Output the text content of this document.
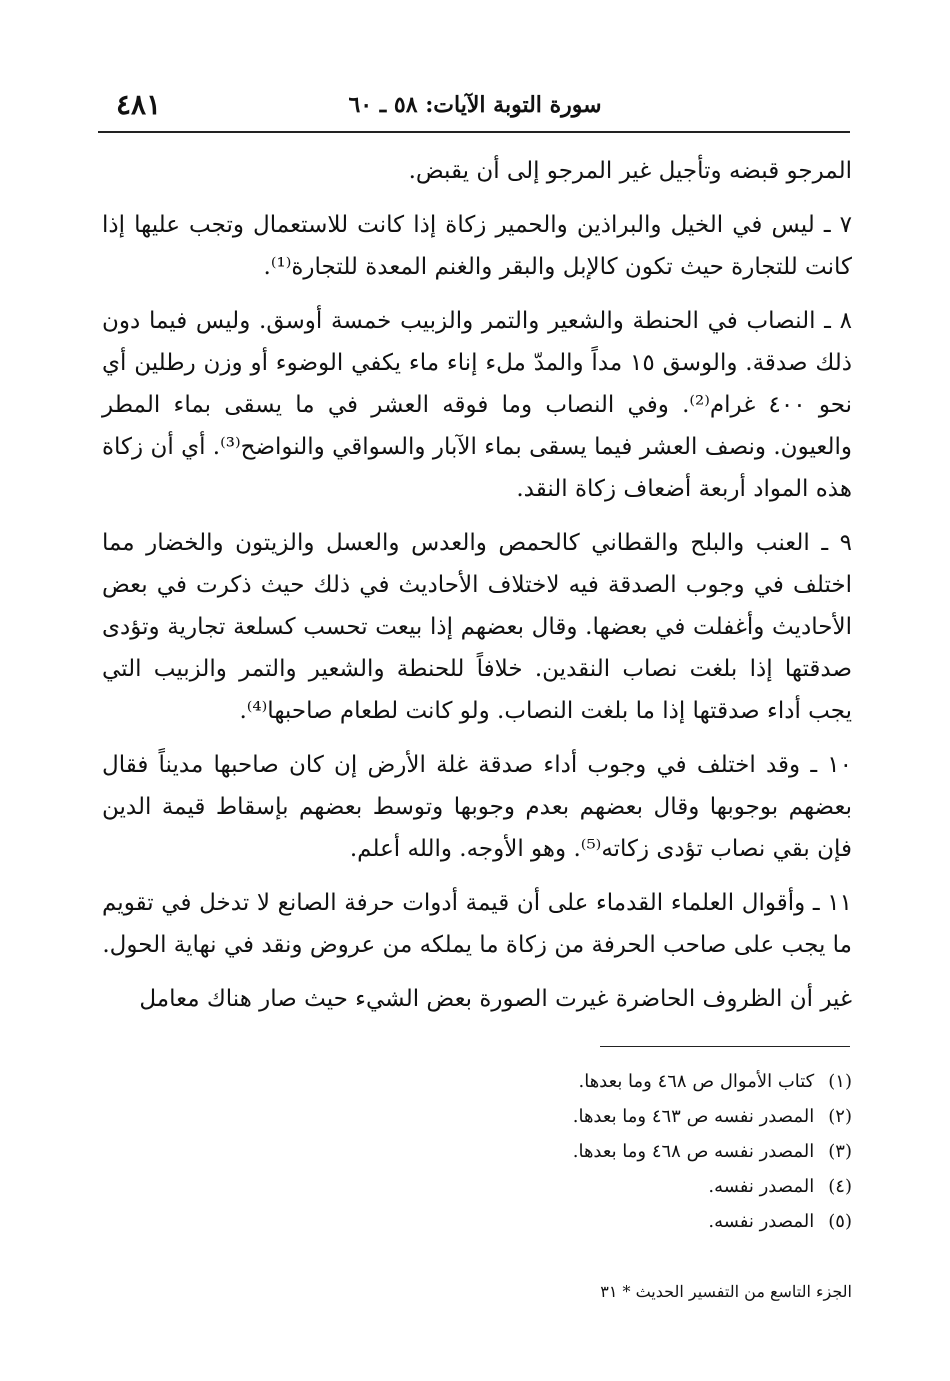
٤٨١	سورة التوبة الآيات: ٥٨ ـ ٦٠

المرجو قبضه وتأجيل غير المرجو إلى أن يقبض.

٧ ـ ليس في الخيل والبراذين والحمير زكاة إذا كانت للاستعمال وتجب عليها إذا كانت للتجارة حيث تكون كالإبل والبقر والغنم المعدة للتجارة⁽¹⁾.

٨ ـ النصاب في الحنطة والشعير والتمر والزبيب خمسة أوسق. وليس فيما دون ذلك صدقة. والوسق ١٥ مداً والمدّ ملء إناء ماء يكفي الوضوء أو وزن رطلين أي نحو ٤٠٠ غرام⁽²⁾. وفي النصاب وما فوقه العشر في ما يسقى بماء المطر والعيون. ونصف العشر فيما يسقى بماء الآبار والسواقي والنواضح⁽³⁾. أي أن زكاة هذه المواد أربعة أضعاف زكاة النقد.

٩ ـ العنب والبلح والقطاني كالحمص والعدس والعسل والزيتون والخضار مما اختلف في وجوب الصدقة فيه لاختلاف الأحاديث في ذلك حيث ذكرت في بعض الأحاديث وأغفلت في بعضها. وقال بعضهم إذا بيعت تحسب كسلعة تجارية وتؤدى صدقتها إذا بلغت نصاب النقدين. خلافاً للحنطة والشعير والتمر والزبيب التي يجب أداء صدقتها إذا ما بلغت النصاب. ولو كانت لطعام صاحبها⁽⁴⁾.

١٠ ـ وقد اختلف في وجوب أداء صدقة غلة الأرض إن كان صاحبها مديناً فقال بعضهم بوجوبها وقال بعضهم بعدم وجوبها وتوسط بعضهم بإسقاط قيمة الدين فإن بقي نصاب تؤدى زكاته⁽⁵⁾. وهو الأوجه. والله أعلم.

١١ ـ وأقوال العلماء القدماء على أن قيمة أدوات حرفة الصانع لا تدخل في تقويم ما يجب على صاحب الحرفة من زكاة ما يملكه من عروض ونقد في نهاية الحول.

غير أن الظروف الحاضرة غيرت الصورة بعض الشيء حيث صار هناك معامل

(١)كتاب الأموال ص ٤٦٨ وما بعدها.
(٢)المصدر نفسه ص ٤٦٣ وما بعدها.
(٣)المصدر نفسه ص ٤٦٨ وما بعدها.
(٤)المصدر نفسه.
(٥)المصدر نفسه.
الجزء التاسع من التفسير الحديث * ٣١
